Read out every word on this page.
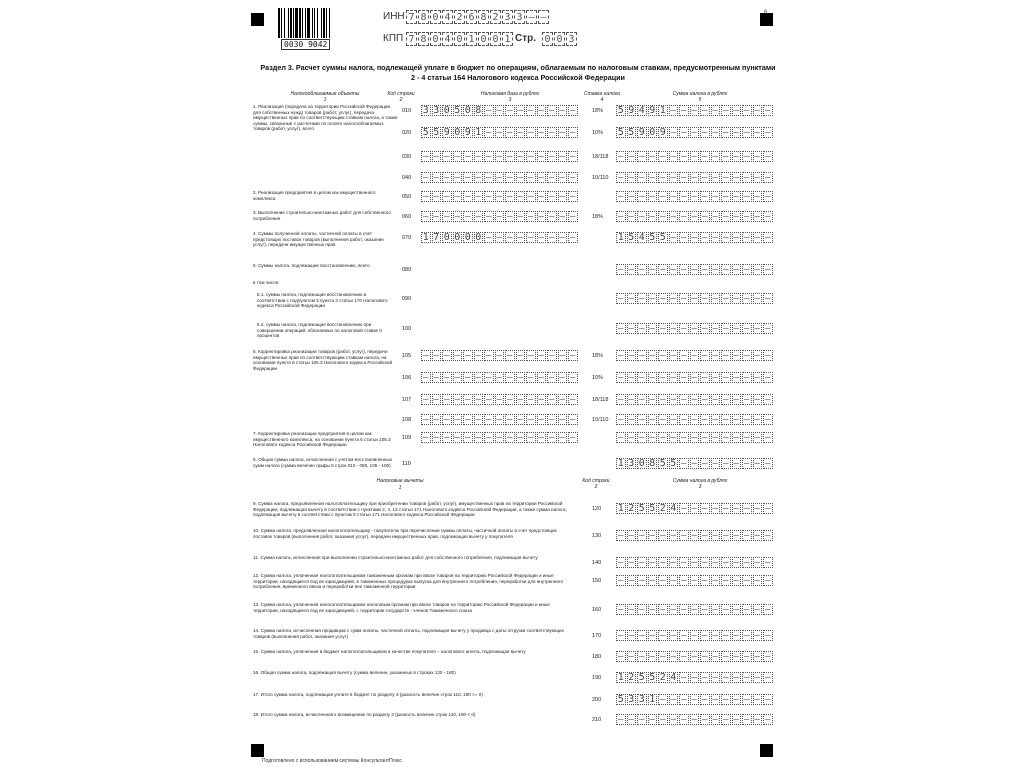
0030 9042
ИНН 7 8 0 4 2 6 8 2 3 3 – –
КПП 7 8 0 4 0 1 0 0 1 Стр. 0 0 3
6
Раздел 3. Расчет суммы налога, подлежащей уплате в бюджет по операциям, облагаемым по налоговым ставкам, предусмотренным пунктами 2 - 4 статьи 164 Налогового кодекса Российской Федерации
Налогооблагаемые объекты
1
Код строки
2
Налоговая база в рублях
3
Ставка налога
4
Сумма налога в рублях
5
1. Реализация (передача на территории Российской Федерации для собственных нужд) товаров (работ, услуг), передача имущественных прав по соответствующим ставкам налога, а также суммы, связанные с расчетами по оплате налогооблагаемых товаров (работ, услуг), всего
010 3 3 0 5 0 8 – – – – – – – – –	18% 5 9 4 9 1 – – – – – – – – – –
020 5 5 9 0 9 1 – – – – – – – – –	10% 5 5 9 0 9 – – – – – – – – – –
030 – – – – – – – – – – – – – – –	18/118 – – – – – – – – – – – – – – –
040 – – – – – – – – – – – – – – –	10/110 – – – – – – – – – – – – – – –
2. Реализация предприятия в целом как имущественного комплекса	050 – – – – – – – – – – – – – – –	– – – – – – – – – – – – – – –
3. Выполнение строительно-монтажных работ для собственного потребления	060 – – – – – – – – – – – – – – –	18% – – – – – – – – – – – – – – –
4. Суммы полученной оплаты, частичной оплаты в счет предстоящих поставок товаров (выполнения работ, оказания услуг), передачи имущественных прав
070 1 7 0 0 0 0 – – – – – – – – –	1 5 4 5 5 – – – – – – – – – –
5. Суммы налога, подлежащие восстановлению, всего
080	– – – – – – – – – – – – – – –
в том числе:
5.1. суммы налога, подлежащие восстановлению в соответствии с подпунктом 3 пункта 3 статьи 170 Налогового кодекса Российской Федерации
090	– – – – – – – – – – – – – – –
5.2. суммы налога, подлежащие восстановлению при совершении операций, облагаемых по налоговой ставке 0 процентов
100	– – – – – – – – – – – – – – –
6. Корректировка реализации товаров (работ, услуг), передачи имущественных прав по соответствующим ставкам налога, на основании пункта 6 статьи 105.3 Налогового кодекса Российской Федерации
105 – – – – – – – – – – – – – – –	18% – – – – – – – – – – – – – – –
106 – – – – – – – – – – – – – – –	10% – – – – – – – – – – – – – – –
107 – – – – – – – – – – – – – – –	18/118 – – – – – – – – – – – – – – –
108 – – – – – – – – – – – – – – –	10/110 – – – – – – – – – – – – – – –
7. Корректировка реализации предприятия в целом как имущественного комплекса, на основании пункта 6 статьи 105.3 Налогового кодекса Российской Федерации
109 – – – – – – – – – – – – – – –	– – – – – – – – – – – – – – –
8. Общая сумма налога, исчисленная с учетом восстановленных сумм налога (сумма величин графы 5 строк 010 - 080, 105 - 109)	110	1 3 0 8 5 5 – – – – – – – – –
Налоговые вычеты	Код строки
2
Сумма налога в рублях
3
1
9. Сумма налога, предъявленная налогоплательщику при приобретении товаров (работ, услуг), имущественных прав на территории Российской Федерации, подлежащая вычету в соответствии с пунктами 2, 4, 13 статьи 171 Налогового кодекса Российской Федерации, а также сумма налога, подлежащая вычету в соответствии с пунктом 5 статьи 171 Налогового кодекса Российской Федерации
120 1 2 5 5 2 4 – – – – – – – – –
10. Сумма налога, предъявленная налогоплательщику - покупателю при перечислении суммы оплаты, частичной оплаты в счет предстоящих поставок товаров (выполнения работ, оказания услуг), передачи имущественных прав, подлежащая вычету у покупателя	130 – – – – – – – – – – – – – – –
11. Сумма налога, исчисленная при выполнении строительно-монтажных работ для собственного потребления, подлежащая вычету
140 – – – – – – – – – – – – – – –
12. Сумма налога, уплаченная налогоплательщиком таможенным органам при ввозе товаров на территорию Российской Федерации и иные территории, находящиеся под ее юрисдикцией, в таможенных процедурах выпуска для внутреннего потребления, переработки для внутреннего потребления, временного ввоза и переработки вне таможенной территории
150 – – – – – – – – – – – – – – –
13. Сумма налога, уплаченная налогоплательщиком налоговым органам при ввозе товаров на территорию Российской Федерации и иные территории, находящиеся под ее юрисдикцией, с территории государств - членов Таможенного союза	160 – – – – – – – – – – – – – – –
14. Сумма налога, исчисленная продавцом с сумм оплаты, частичной оплаты, подлежащая вычету у продавца с даты отгрузки соответствующих товаров (выполнения работ, оказания услуг)	170 – – – – – – – – – – – – – – –
15. Сумма налога, уплаченная в бюджет налогоплательщиком в качестве покупателя – налогового агента, подлежащая вычету
180 – – – – – – – – – – – – – – –
16. Общая сумма налога, подлежащая вычету (сумма величин, указанных в строках 120 - 180)
190 1 2 5 5 2 4 – – – – – – – – –
17. Итого сумма налога, подлежащая уплате в бюджет по разделу 3 (разность величин строк 110, 190 >= 0)
200 5 3 3 1 – – – – – – – – – – –
18. Итого сумма налога, исчисленная к возмещению по разделу 3 (разность величин строк 110, 190 < 0)
210 – – – – – – – – – – – – – – –
Подготовлено с использованием системы КонсультантПлюс
